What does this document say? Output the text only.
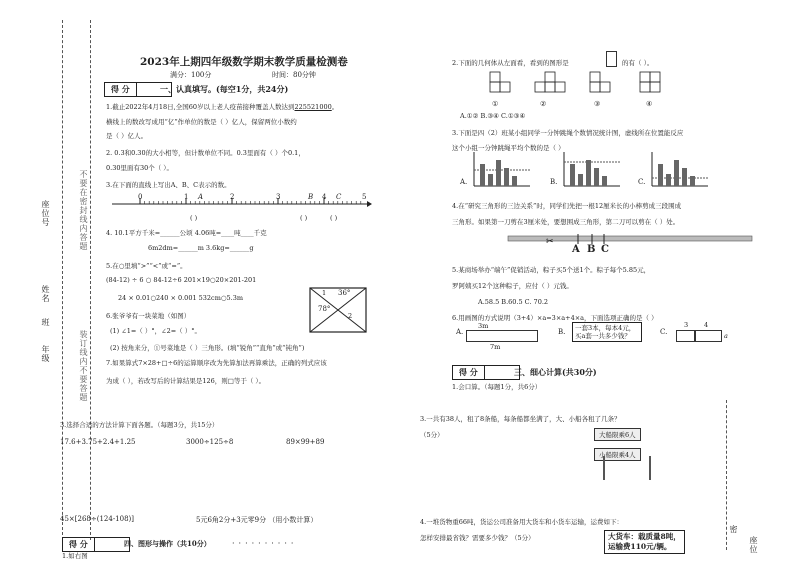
座位号
姓名
班
年级
不要在密封线内答题
装订线内不要答题
2023年上期四年级数学期末教学质量检测卷
满分：100分	时间：80分钟
得 分	一、认真填写。(每空1分，共24分)
1.截止2022年4月18日,全国60岁以上老人疫苗接种覆盖人数达到225521000。
横线上的数改写成用“亿”作单位的数是（ ）亿人，保留两位小数约
是（ ）亿人。
2. 0.3和0.30的大小相等，但计数单位不同。0.3里面有（ ）个0.1，
0.30里面有30个（ ）。
3.在下面的直线上写出A、B、C表示的数。
0	1	2	3	4	5
A	B	C
( )	( )	( )
4. 10.1平方千米=______公顷 4.06吨=____吨____千克
6m2dm=______m 3.6kg=______g
5.在○里填“>”“<”或“=”。
(84-12) ÷ 6 ○ 84-12÷6 201×19○20×201-201
24 × 0.01○240 × 0.001 532cm○5.3m
1 36°
78°
2
6.张爷爷有一块菜地（如图）
(1) ∠1=（ ）°，∠2=（ ）°。
(2) 按角来分，①号菜地是（ ）三角形。(填“锐角”“直角”或“钝角”)
7.如果算式7×28+□÷6的运算顺序改为先算加法再算乘法，正确的列式应该
为成（ ），若改写后的计算结果是126，则□等于（ ）。
3.选择合适的方法计算下面各题。（每题3分，共15分）
17.6+3.75+2.4+1.25	3000÷125÷8	89×99+89
45×[268÷(124-108)]	5元6角2分+3元零9分 （用小数计算）
得 分	四、图形与操作（共10分）
1.如右图
··········
2.下面的几何体从左面看，看到的图形是	的有（ ）。
①	②	③	④
A.①② B.③④ C.①③④
3.下面是四（2）班某小组同学一分钟跳绳个数情况统计图，虚线所在位置能反应
这个小组一分钟跳绳平均个数的是（ ）
A.	B.	C.
4.在“研究三角形的三边关系”时，同学们先把一根12厘米长的小棒剪成三段围成
三角形。如果第一刀剪在3厘米处，要想围成三角形，第二刀可以剪在（ ）处。
✂
A B C
5.某商场举办“端午”促销活动，粽子买5个送1个。粽子每个5.85元，
罗阿姨买12个这种粽子，应付（ ）元钱。
A.58.5 B.60.5 C. 70.2
6.用画图的方式说明（3+4）×a=3×a+4×a，下面选项正确的是（ ）
A.
3m
7m
B.	一套3本，每本4元，买a套一共多少钱？	C.
3 4
a
得 分	三、细心计算(共30分)
1.会口算。（每题1分，共6分）
密
座位
3.一共有38人，租了8条船，每条船都坐满了，大、小船各租了几条？
（5分）	大船限乘6人
小船限乘4人
4.一堆货物重66吨，货运公司准备用大货车和小货车运输，运费如下：
怎样安排最省钱？需要多少钱？（5分）	大货车：载质量8吨，
运输费110元/辆。
